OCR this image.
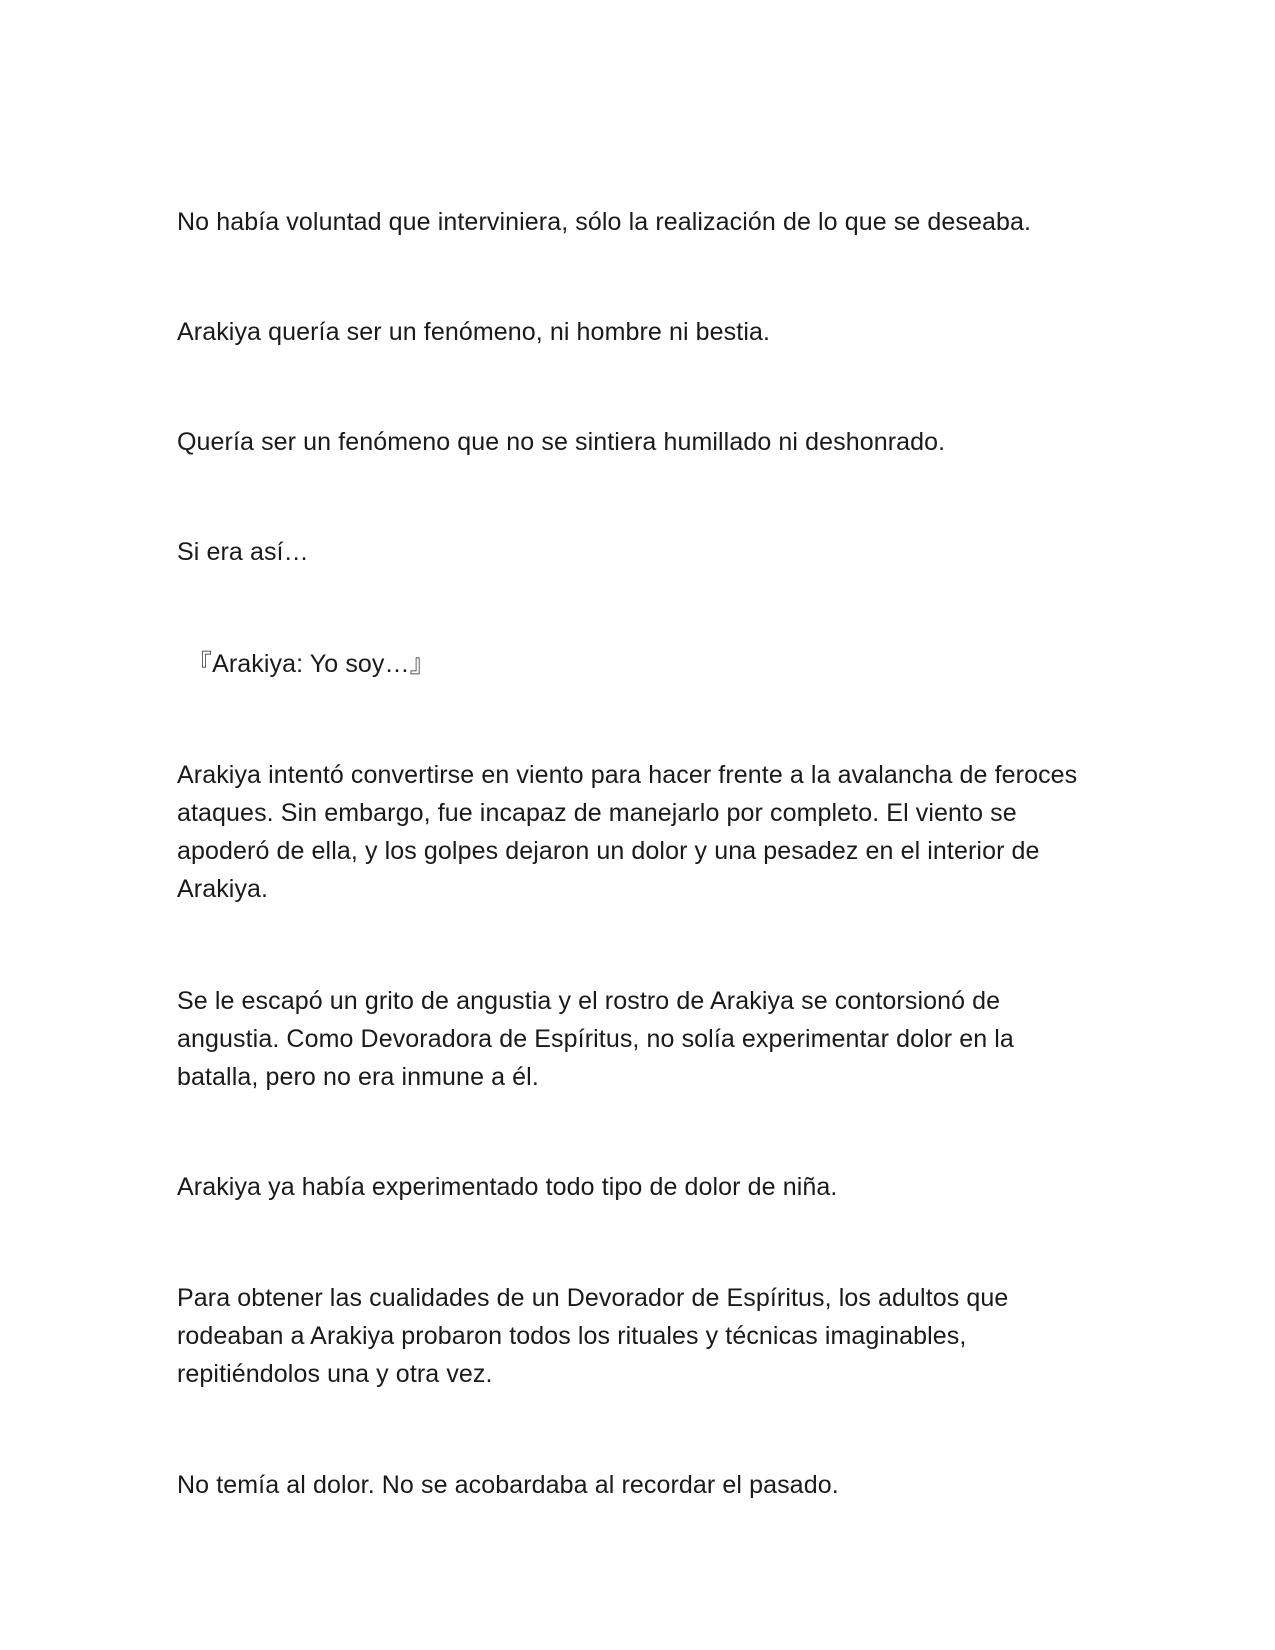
No había voluntad que interviniera, sólo la realización de lo que se deseaba.

Arakiya quería ser un fenómeno, ni hombre ni bestia.

Quería ser un fenómeno que no se sintiera humillado ni deshonrado.

Si era así…

『Arakiya: Yo soy…』

Arakiya intentó convertirse en viento para hacer frente a la avalancha de feroces ataques. Sin embargo, fue incapaz de manejarlo por completo. El viento se apoderó de ella, y los golpes dejaron un dolor y una pesadez en el interior de Arakiya.

Se le escapó un grito de angustia y el rostro de Arakiya se contorsionó de angustia. Como Devoradora de Espíritus, no solía experimentar dolor en la batalla, pero no era inmune a él.

Arakiya ya había experimentado todo tipo de dolor de niña.

Para obtener las cualidades de un Devorador de Espíritus, los adultos que rodeaban a Arakiya probaron todos los rituales y técnicas imaginables, repitiéndolos una y otra vez.

No temía al dolor. No se acobardaba al recordar el pasado.
